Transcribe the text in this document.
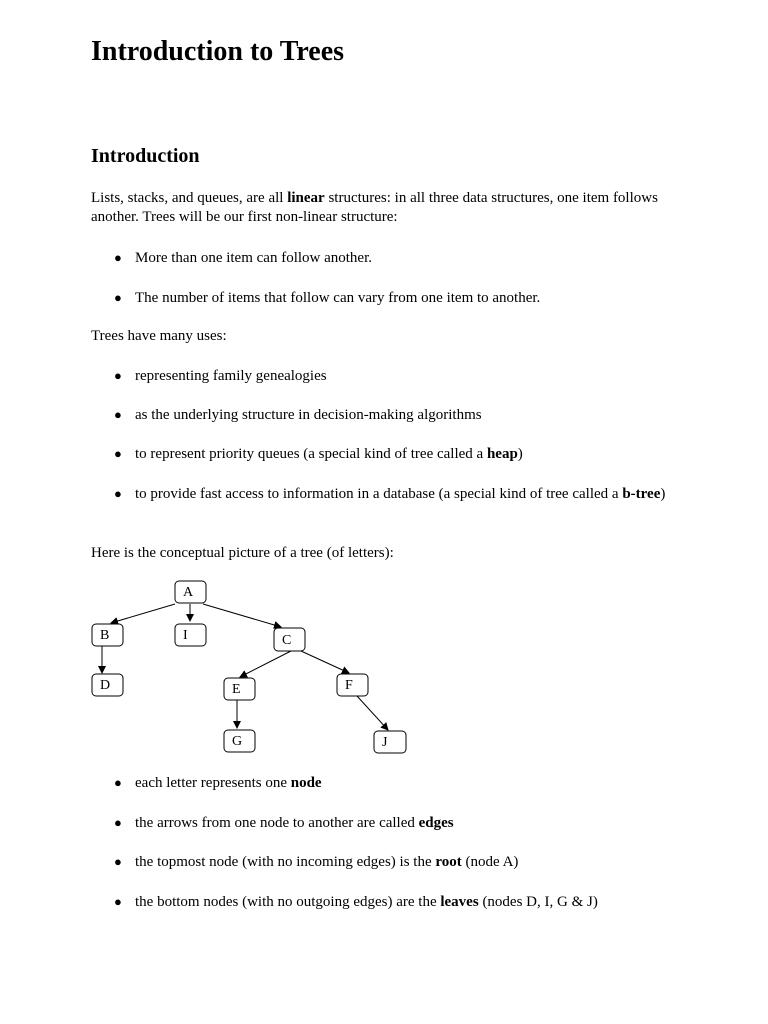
Introduction to Trees
Introduction

Lists, stacks, and queues, are all linear structures: in all three data structures, one item follows another. Trees will be our first non-linear structure:

● More than one item can follow another.
● The number of items that follow can vary from one item to another.

Trees have many uses:

● representing family genealogies
● as the underlying structure in decision-making algorithms
● to represent priority queues (a special kind of tree called a heap)
● to provide fast access to information in a database (a special kind of tree called a b-tree)

Here is the conceptual picture of a tree (of letters):

● each letter represents one node
● the arrows from one node to another are called edges
● the topmost node (with no incoming edges) is the root (node A)
● the bottom nodes (with no outgoing edges) are the leaves (nodes D, I, G & J)
A
B	I	C
D	E	F
G	J
